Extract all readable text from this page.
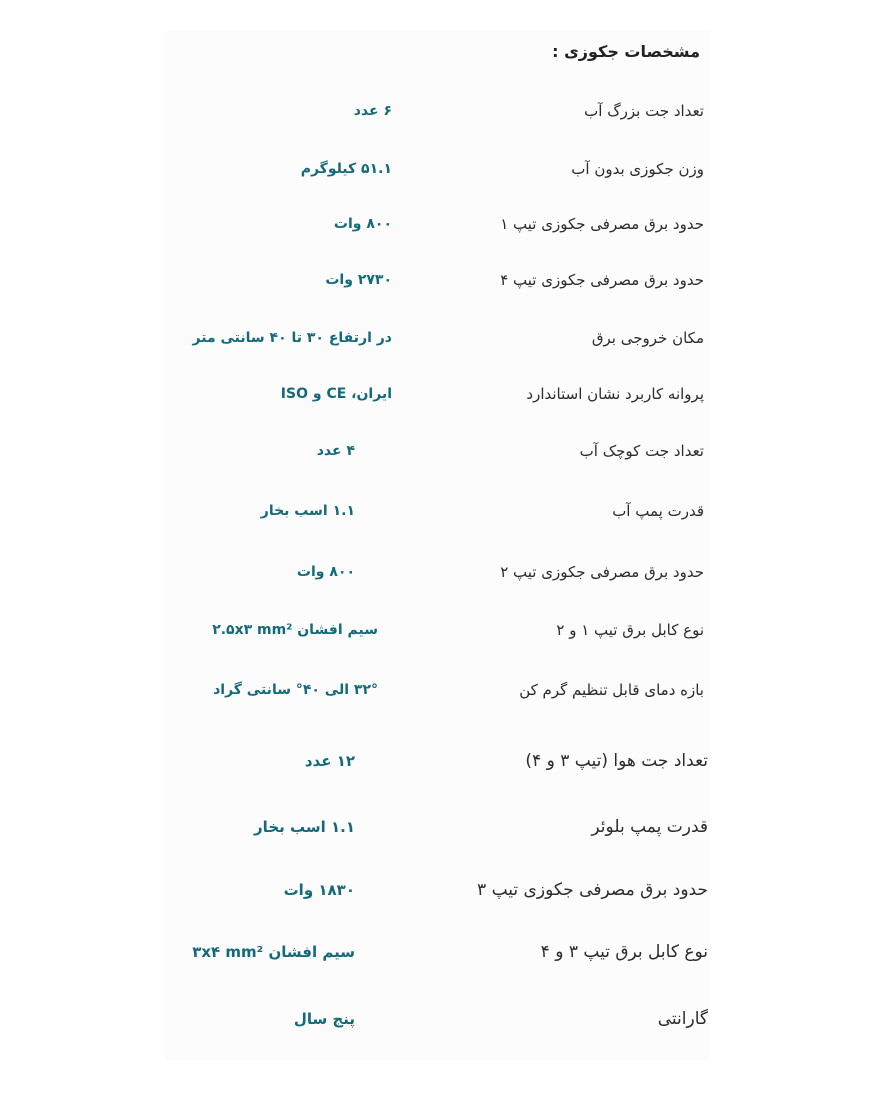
مشخصات جکوزی :
تعداد جت بزرگ آب
۶ عدد
وزن جکوزی بدون آب
۵۱.۱ کیلوگرم
حدود برق مصرفی جکوزی تیپ ۱
۸۰۰ وات
حدود برق مصرفی جکوزی تیپ ۴
۲۷۳۰ وات
مکان خروجی برق
در ارتفاع ۳۰ تا ۴۰ سانتی متر
پروانه کاربرد نشان استاندارد
ایران، CE و ISO
تعداد جت کوچک آب
۴ عدد
قدرت پمپ آب
۱.۱ اسب بخار
حدود برق مصرفی جکوزی تیپ ۲
۸۰۰ وات
نوع کابل برق تیپ ۱ و ۲
سیم افشان ۲.۵x۳ mm²
بازه دمای قابل تنظیم گرم کن
۳۲° الی ۴۰° سانتی گراد
تعداد جت هوا (تیپ ۳ و ۴)
۱۲ عدد
قدرت پمپ بلوئر
۱.۱ اسب بخار
حدود برق مصرفی جکوزی تیپ ۳
۱۸۳۰ وات
نوع کابل برق تیپ ۳ و ۴
سیم افشان ۳x۴ mm²
گارانتی
پنج سال
